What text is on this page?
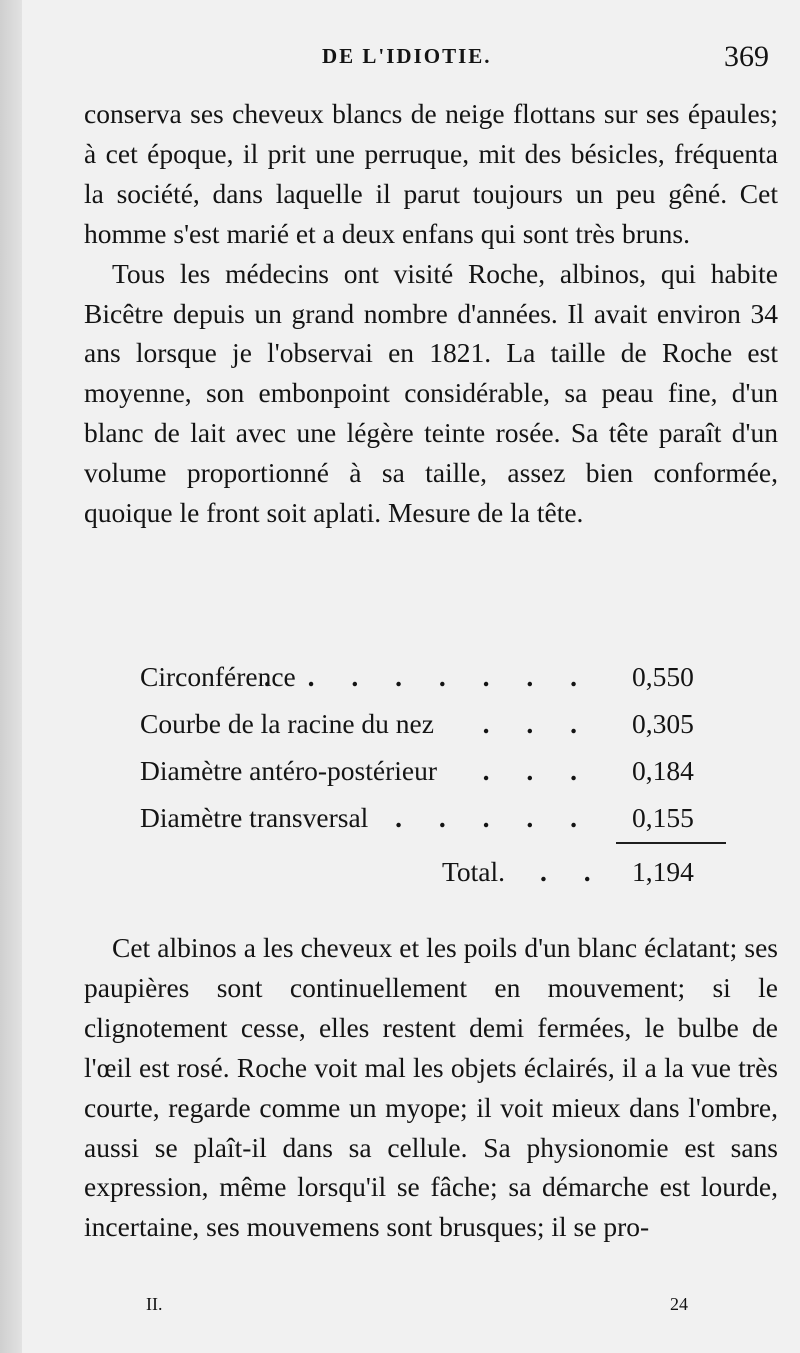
DE L'IDIOTIE.	369

conserva ses cheveux blancs de neige flottans sur ses épaules; à cet époque, il prit une perruque, mit des bésicles, fréquenta la société, dans laquelle il parut toujours un peu gêné. Cet homme s'est marié et a deux enfans qui sont très bruns.

Tous les médecins ont visité Roche, albinos, qui habite Bicêtre depuis un grand nombre d'années. Il avait environ 34 ans lorsque je l'observai en 1821. La taille de Roche est moyenne, son embonpoint considérable, sa peau fine, d'un blanc de lait avec une légère teinte rosée. Sa tête paraît d'un volume proportionné à sa taille, assez bien conformée, quoique le front soit aplati. Mesure de la tête.

Circonférence
. . . . . . . . 0,550
Courbe de la racine du nez . . . 0,305
Diamètre antéro-postérieur . . . 0,184
Diamètre transversal . . . . . 0,155
Total. . . 1,194

Cet albinos a les cheveux et les poils d'un blanc éclatant; ses paupières sont continuellement en mouvement; si le clignotement cesse, elles restent demi fermées, le bulbe de l'œil est rosé. Roche voit mal les objets éclairés, il a la vue très courte, regarde comme un myope; il voit mieux dans l'ombre, aussi se plaît-il dans sa cellule. Sa physionomie est sans expression, même lorsqu'il se fâche; sa démarche est lourde, incertaine, ses mouvemens sont brusques; il se pro-

II.	24
